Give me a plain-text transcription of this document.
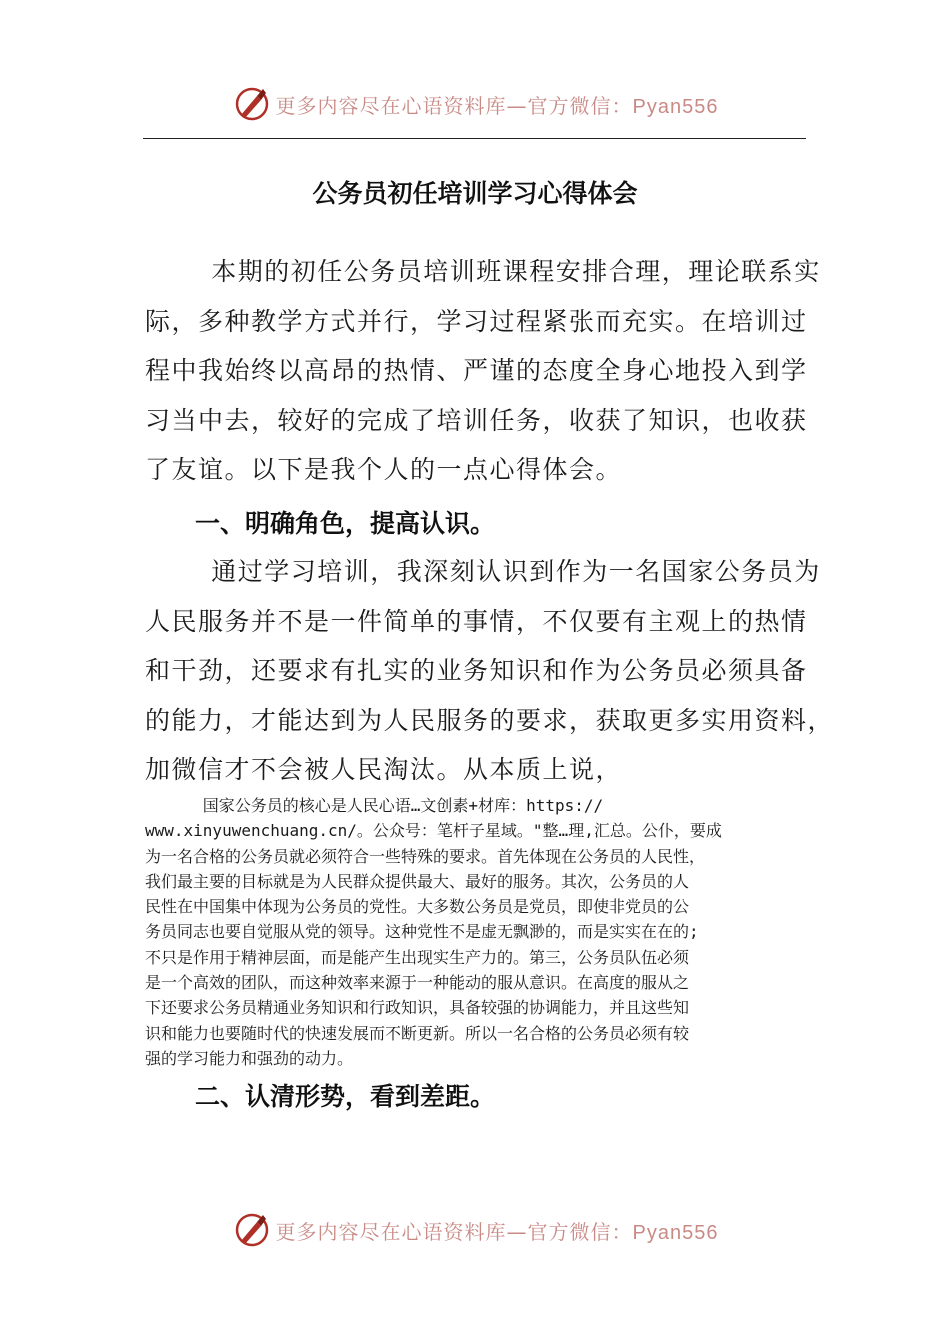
更多内容尽在心语资料库—官方微信：Pyan556
公务员初任培训学习心得体会
本期的初任公务员培训班课程安排合理，理论联系实
际，多种教学方式并行，学习过程紧张而充实。在培训过
程中我始终以高昂的热情、严谨的态度全身心地投入到学
习当中去，较好的完成了培训任务，收获了知识，也收获
了友谊。以下是我个人的一点心得体会。
一、明确角色，提高认识。
通过学习培训，我深刻认识到作为一名国家公务员为
人民服务并不是一件简单的事情，不仅要有主观上的热情
和干劲，还要求有扎实的业务知识和作为公务员必须具备
的能力，才能达到为人民服务的要求，获取更多实用资料，
加微信才不会被人民淘汰。从本质上说，
国家公务员的核心是人民心语…文创素+材库：https://
www.xinyuwenchuang.cn/。公众号：笔杆子星域。"整…理,汇总。公仆，要成
为一名合格的公务员就必须符合一些特殊的要求。首先体现在公务员的人民性，
我们最主要的目标就是为人民群众提供最大、最好的服务。其次，公务员的人
民性在中国集中体现为公务员的党性。大多数公务员是党员，即使非党员的公
务员同志也要自觉服从党的领导。这种党性不是虚无飘渺的，而是实实在在的;
不只是作用于精神层面，而是能产生出现实生产力的。第三，公务员队伍必须
是一个高效的团队，而这种效率来源于一种能动的服从意识。在高度的服从之
下还要求公务员精通业务知识和行政知识，具备较强的协调能力，并且这些知
识和能力也要随时代的快速发展而不断更新。所以一名合格的公务员必须有较
强的学习能力和强劲的动力。
二、认清形势，看到差距。
更多内容尽在心语资料库—官方微信：Pyan556
